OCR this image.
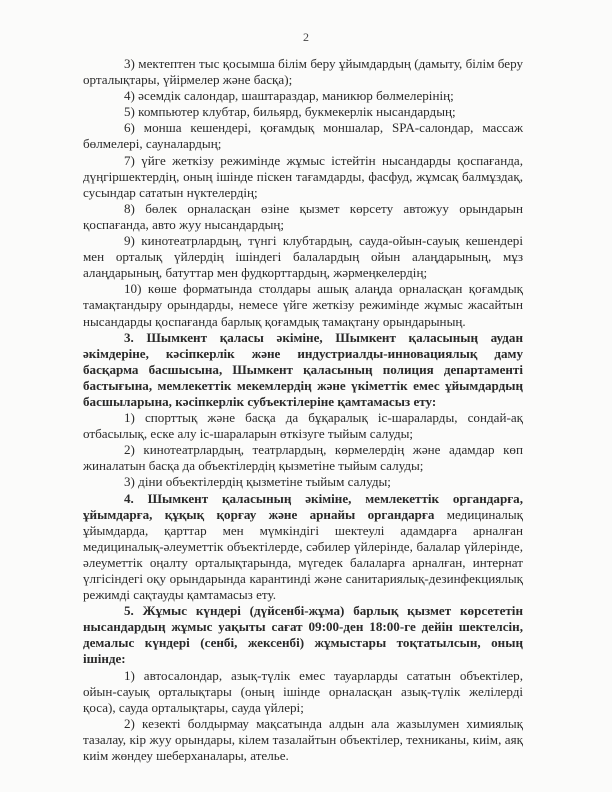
2

3) мектептен тыс қосымша білім беру ұйымдардың (дамыту, білім беру орталықтары, үйірмелер және басқа);

4) әсемдік салондар, шаштараздар, маникюр бөлмелерінің;

5) компьютер клубтар, бильярд, букмекерлік нысандардың;

6) монша кешендері, қоғамдық моншалар, SPA-салондар, массаж бөлмелері, сауналардың;

7) үйге жеткізу режимінде жұмыс істейтін нысандарды қоспағанда, дүңгіршектердің, оның ішінде піскен тағамдарды, фасфуд, жұмсақ балмұздақ, сусындар сататын нүктелердің;

8) бөлек орналасқан өзіне қызмет көрсету автожуу орындарын қоспағанда, авто жуу нысандардың;

9) кинотеатрлардың, түнгі клубтардың, сауда-ойын-сауық кешендері мен орталық үйлердің ішіндегі балалардың ойын алаңдарының, мұз алаңдарының, батуттар мен фудкорттардың, жәрмеңкелердің;

10) көше форматында столдары ашық алаңда орналасқан қоғамдық тамақтандыру орындарды, немесе үйге жеткізу режимінде жұмыс жасайтын нысандарды қоспағанда барлық қоғамдық тамақтану орындарының.

3. Шымкент қаласы әкіміне, Шымкент қаласының аудан әкімдеріне, кәсіпкерлік және индустриалды-инновациялық даму басқарма басшысына, Шымкент қаласының полиция департаменті бастығына, мемлекеттік мекемлердің және үкіметтік емес ұйымдардың басшыларына, кәсіпкерлік субъектілеріне қамтамасыз ету:

1) спорттық және басқа да бұқаралық іс-шараларды, сондай-ақ отбасылық, еске алу іс-шараларын өткізуге тыйым салуды;

2) кинотеатрлардың, театрлардың, көрмелердің және адамдар көп жиналатын басқа да объектілердің қызметіне тыйым салуды;

3) діни объектілердің қызметіне тыйым салуды;

4. Шымкент қаласының әкіміне, мемлекеттік органдарға, ұйымдарға, құқық қорғау және арнайы органдарға медициналық ұйымдарда, қарттар мен мүмкіндігі шектеулі адамдарға арналған медициналық-әлеуметтік объектілерде, сәбилер үйлерінде, балалар үйлерінде, әлеуметтік оңалту орталықтарында, мүгедек балаларға арналған, интернат үлгісіндегі оқу орындарында карантинді және санитариялық-дезинфекциялық режимді сақтауды қамтамасыз ету.

5. Жұмыс күндері (дүйсенбі-жұма) барлық қызмет көрсететін нысандардың жұмыс уақыты сағат 09:00-ден 18:00-ге дейін шектелсін, демалыс күндері (сенбі, жексенбі) жұмыстары тоқтатылсын, оның ішінде:

1) автосалондар, азық-түлік емес тауарларды сататын объектілер, ойын-сауық орталықтары (оның ішінде орналасқан азық-түлік желілерді қоса), сауда орталықтары, сауда үйлері;

2) кезекті болдырмау мақсатында алдын ала жазылумен химиялық тазалау, кір жуу орындары, кілем тазалайтын объектілер, техниканы, киім, аяқ киім жөндеу шеберханалары, ателье.
